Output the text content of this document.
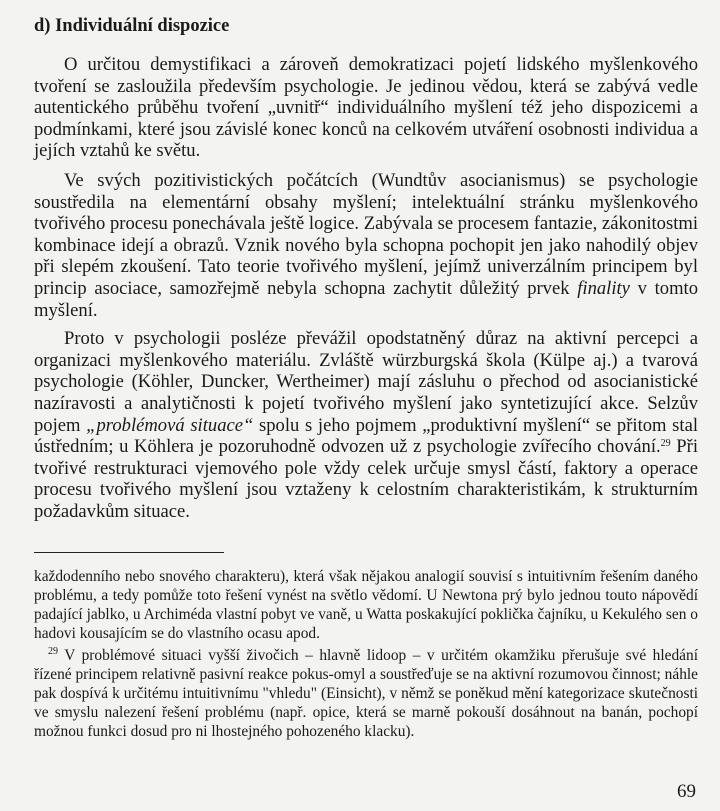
d) Individuální dispozice

O určitou demystifikaci a zároveň demokratizaci pojetí lidského myšlenkového tvoření se zasloužila především psychologie. Je jedinou vědou, která se zabývá vedle autentického průběhu tvoření „uvnitř“ individuálního myšlení též jeho dispozicemi a podmínkami, které jsou závislé konec konců na celkovém utváření osobnosti individua a jejích vztahů ke světu.

Ve svých pozitivistických počátcích (Wundtův asocianismus) se psychologie soustředila na elementární obsahy myšlení; intelektuální stránku myšlenkového tvořivého procesu ponechávala ještě logice. Zabývala se procesem fantazie, zákonitostmi kombinace idejí a obrazů. Vznik nového byla schopna pochopit jen jako nahodilý objev při slepém zkoušení. Tato teorie tvořivého myšlení, jejímž univerzálním principem byl princip asociace, samozřejmě nebyla schopna zachytit důležitý prvek finality v tomto myšlení.

Proto v psychologii posléze převážil opodstatněný důraz na aktivní percepci a organizaci myšlenkového materiálu. Zvláště würzburgská škola (Külpe aj.) a tvarová psychologie (Köhler, Duncker, Wertheimer) mají zásluhu o přechod od asocianistické nazíravosti a analytičnosti k pojetí tvořivého myšlení jako syntetizující akce. Selzův pojem „problémová situace“ spolu s jeho pojmem „produktivní myšlení“ se přitom stal ústředním; u Köhlera je pozoruhodně odvozen už z psychologie zvířecího chování.$^{29}$ Při tvořivé restrukturaci vjemového pole vždy celek určuje smysl částí, faktory a operace procesu tvořivého myšlení jsou vztaženy k celostním charakteristikám, k strukturním požadavkům situace.

každodenního nebo snového charakteru), která však nějakou analogií souvisí s intuitivním řešením daného problému, a tedy pomůže toto řešení vynést na světlo vědomí. U Newtona prý bylo jednou touto nápovědí padající jablko, u Archiméda vlastní pobyt ve vaně, u Watta poskakující poklička čajníku, u Kekulého sen o hadovi kousajícím se do vlastního ocasu apod.

$^{29}$ V problémové situaci vyšší živočich – hlavně lidoop – v určitém okamžiku přerušuje své hledání řízené principem relativně pasivní reakce pokus-omyl a soustřeďuje se na aktivní rozumovou činnost; náhle pak dospívá k určitému intuitivnímu "vhledu" (Einsicht), v němž se poněkud mění kategorizace skutečnosti ve smyslu nalezení řešení problému (např. opice, která se marně pokouší dosáhnout na banán, pochopí možnou funkci dosud pro ni lhostejného pohozeného klacku).

69
